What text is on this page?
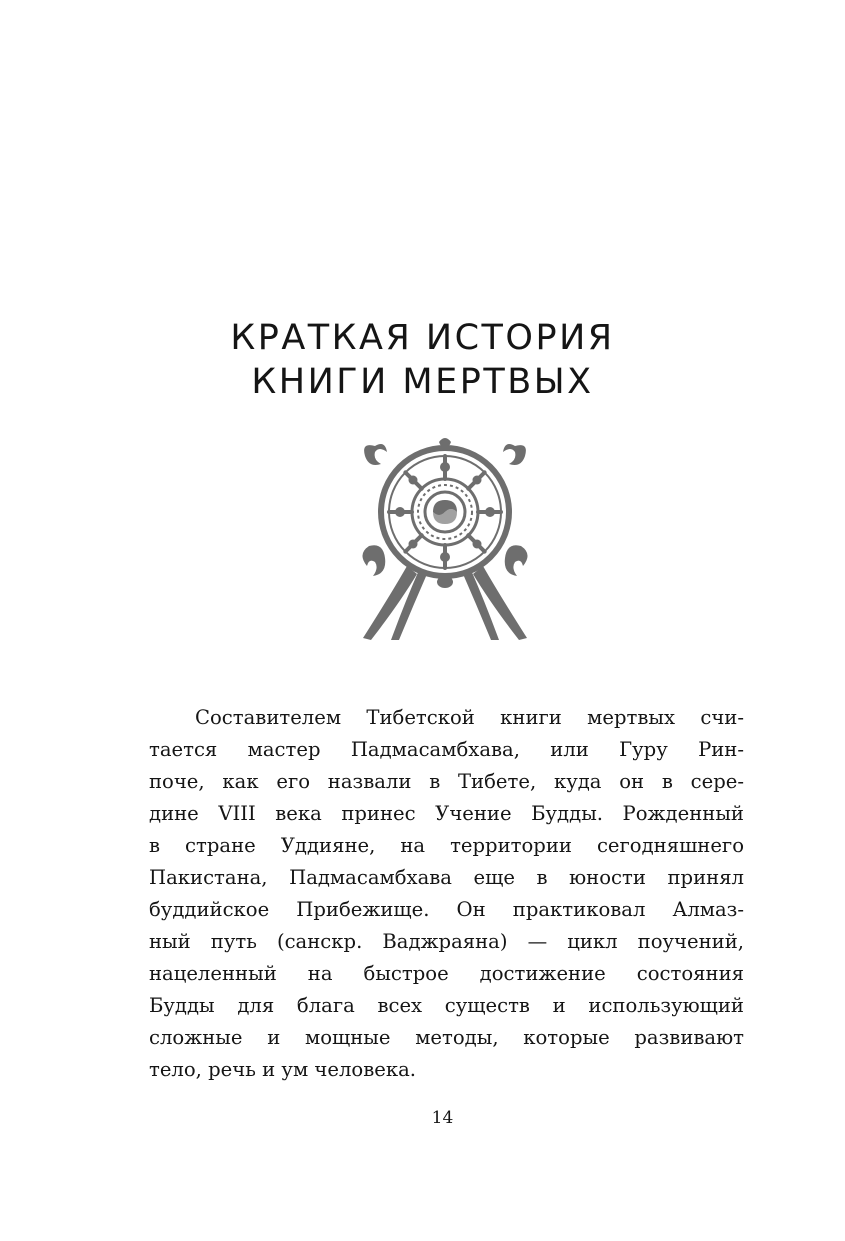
КРАТКАЯ ИСТОРИЯ
КНИГИ МЕРТВЫХ
Составителем Тибетской книги мертвых счи-
тается мастер Падмасамбхава, или Гуру Рин-
поче, как его назвали в Тибете, куда он в сере-
дине VIII века принес Учение Будды. Рожденный
в стране Уддияне, на территории сегодняшнего
Пакистана, Падмасамбхава еще в юности принял
буддийское Прибежище. Он практиковал Алмаз-
ный путь (санскр. Ваджраяна) — цикл поучений,
нацеленный на быстрое достижение состояния
Будды для блага всех существ и использующий
сложные и мощные методы, которые развивают
тело, речь и ум человека.
14
